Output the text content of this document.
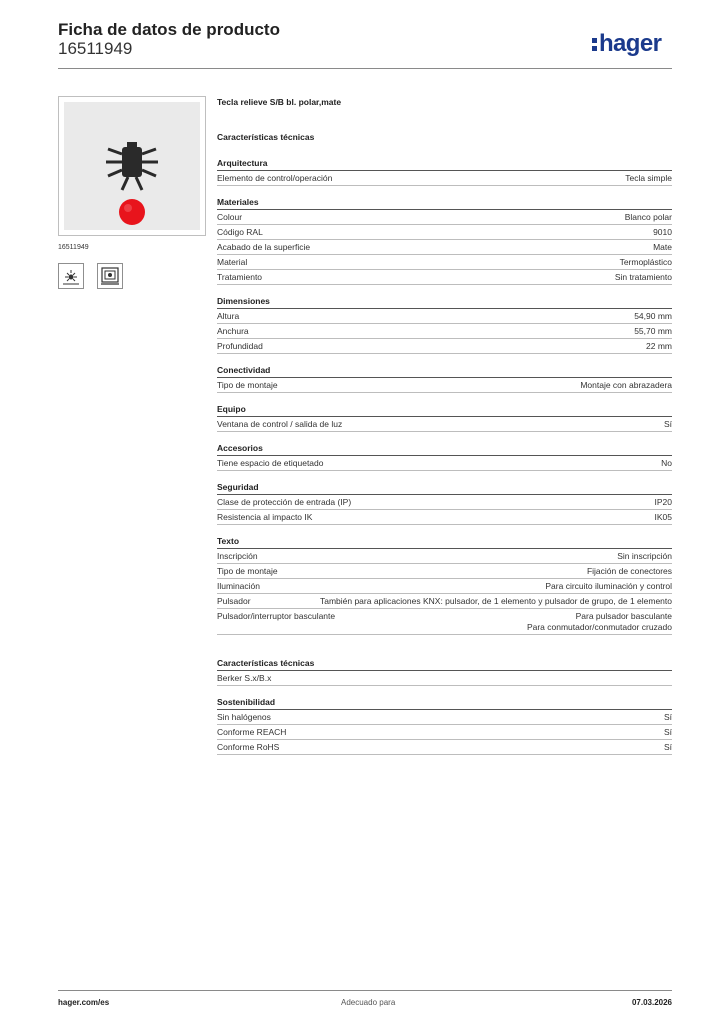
Ficha de datos de producto
16511949	hager
16511949
Tecla relieve S/B bl. polar,mate
Características técnicas
Arquitectura
Elemento de control/operación	Tecla simple
Materiales
Colour	Blanco polar
Código RAL	9010
Acabado de la superficie	Mate
Material	Termoplástico
Tratamiento	Sin tratamiento
Dimensiones
Altura	54,90 mm
Anchura	55,70 mm
Profundidad	22 mm
Conectividad
Tipo de montaje	Montaje con abrazadera
Equipo
Ventana de control / salida de luz	Sí
Accesorios
Tiene espacio de etiquetado	No
Seguridad
Clase de protección de entrada (IP)	IP20
Resistencia al impacto IK	IK05
Texto
Inscripción	Sin inscripción
Tipo de montaje	Fijación de conectores
Iluminación	Para circuito iluminación y control
Pulsador	También para aplicaciones KNX: pulsador, de 1 elemento y pulsador de grupo, de 1 elemento
Pulsador/interruptor basculante	Para pulsador basculante
Para conmutador/conmutador cruzado
Características técnicas
Berker S.x/B.x
Sostenibilidad
Sin halógenos	Sí
Conforme REACH	Sí
Conforme RoHS	Sí
hager.com/es	Adecuado para	07.03.2026
